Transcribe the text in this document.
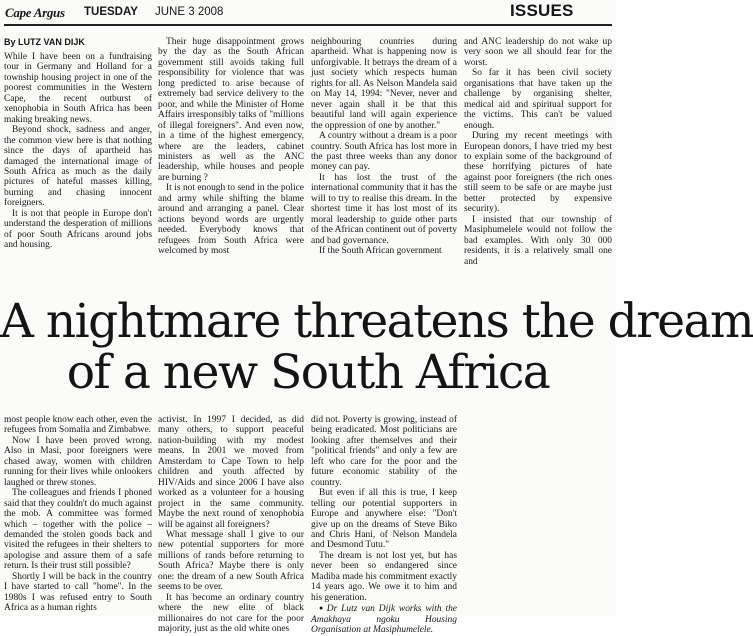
Cape Argus TUESDAY JUNE 3 2008	ISSUES
By LUTZ VAN DIJK

While I have been on a fundraising tour in Germany and Holland for a township housing project in one of the poorest communities in the Western Cape, the recent outburst of xenophobia in South Africa has been making breaking news.

Beyond shock, sadness and anger, the common view here is that nothing since the days of apartheid has damaged the international image of South Africa as much as the daily pictures of hateful masses killing, burning and chasing innocent foreigners.

It is not that people in Europe don't understand the desperation of millions of poor South Africans around jobs and housing.

Their huge disappointment grows by the day as the South African government still avoids taking full responsibility for violence that was long predicted to arise because of extremely bad service delivery to the poor, and while the Minister of Home Affairs irresponsibly talks of "millions of illegal foreigners". And even now, in a time of the highest emergency, where are the leaders, cabinet ministers as well as the ANC leadership, while houses and people are burning ?

It is not enough to send in the police and army while shifting the blame around and arranging a panel. Clear actions beyond words are urgently needed. Everybody knows that refugees from South Africa were welcomed by most

neighbouring countries during apartheid. What is happening now is unforgivable. It betrays the dream of a just society which respects human rights for all. As Nelson Mandela said on May 14, 1994: "Never, never and never again shall it be that this beautiful land will again experience the oppression of one by another."

A country without a dream is a poor country. South Africa has lost more in the past three weeks than any donor money can pay.

It has lost the trust of the international community that it has the will to try to realise this dream. In the shortest time it has lost most of its moral leadership to guide other parts of the African continent out of poverty and bad governance.

If the South African government

and ANC leadership do not wake up very soon we all should fear for the worst.

So far it has been civil society organisations that have taken up the challenge by organising shelter, medical aid and spiritual support for the victims. This can't be valued enough.

During my recent meetings with European donors, I have tried my best to explain some of the background of these horrifying pictures of hate against poor foreigners (the rich ones still seem to be safe or are maybe just better protected by expensive security).

I insisted that our township of Masiphumelele would not follow the bad examples. With only 30 000 residents, it is a relatively small one and

A nightmare threatens the dream
of a new South Africa

most people know each other, even the refugees from Somalia and Zimbabwe.

Now I have been proved wrong. Also in Masi, poor foreigners were chased away, women with children running for their lives while onlookers laughed or threw stones.

The colleagues and friends I phoned said that they couldn't do much against the mob. A committee was formed which – together with the police – demanded the stolen goods back and visited the refugees in their shelters to apologise and assure them of a safe return. Is their trust still possible?

Shortly I will be back in the country I have started to call "home". In the 1980s I was refused entry to South Africa as a human rights

activist. In 1997 I decided, as did many others, to support peaceful nation-building with my modest means. In 2001 we moved from Amsterdam to Cape Town to help children and youth affected by HIV/Aids and since 2006 I have also worked as a volunteer for a housing project in the same community. Maybe the next round of xenophobia will be against all foreigners?

What message shall I give to our new potential supporters for more millions of rands before returning to South Africa? Maybe there is only one: the dream of a new South Africa seems to be over.

It has become an ordinary country where the new elite of black millionaires do not care for the poor majority, just as the old white ones

did not. Poverty is growing, instead of being eradicated. Most politicians are looking after themselves and their "political friends" and only a few are left who care for the poor and the future economic stability of the country.

But even if all this is true, I keep telling our potential supporters in Europe and anywhere else: "Don't give up on the dreams of Steve Biko and Chris Hani, of Nelson Mandela and Desmond Tutu."

The dream is not lost yet, but has never been so endangered since Madiba made his commitment exactly 14 years ago. We owe it to him and his generation.

● Dr Lutz van Dijk works with the Amakhaya ngoku Housing Organisation at Masiphumelele.
